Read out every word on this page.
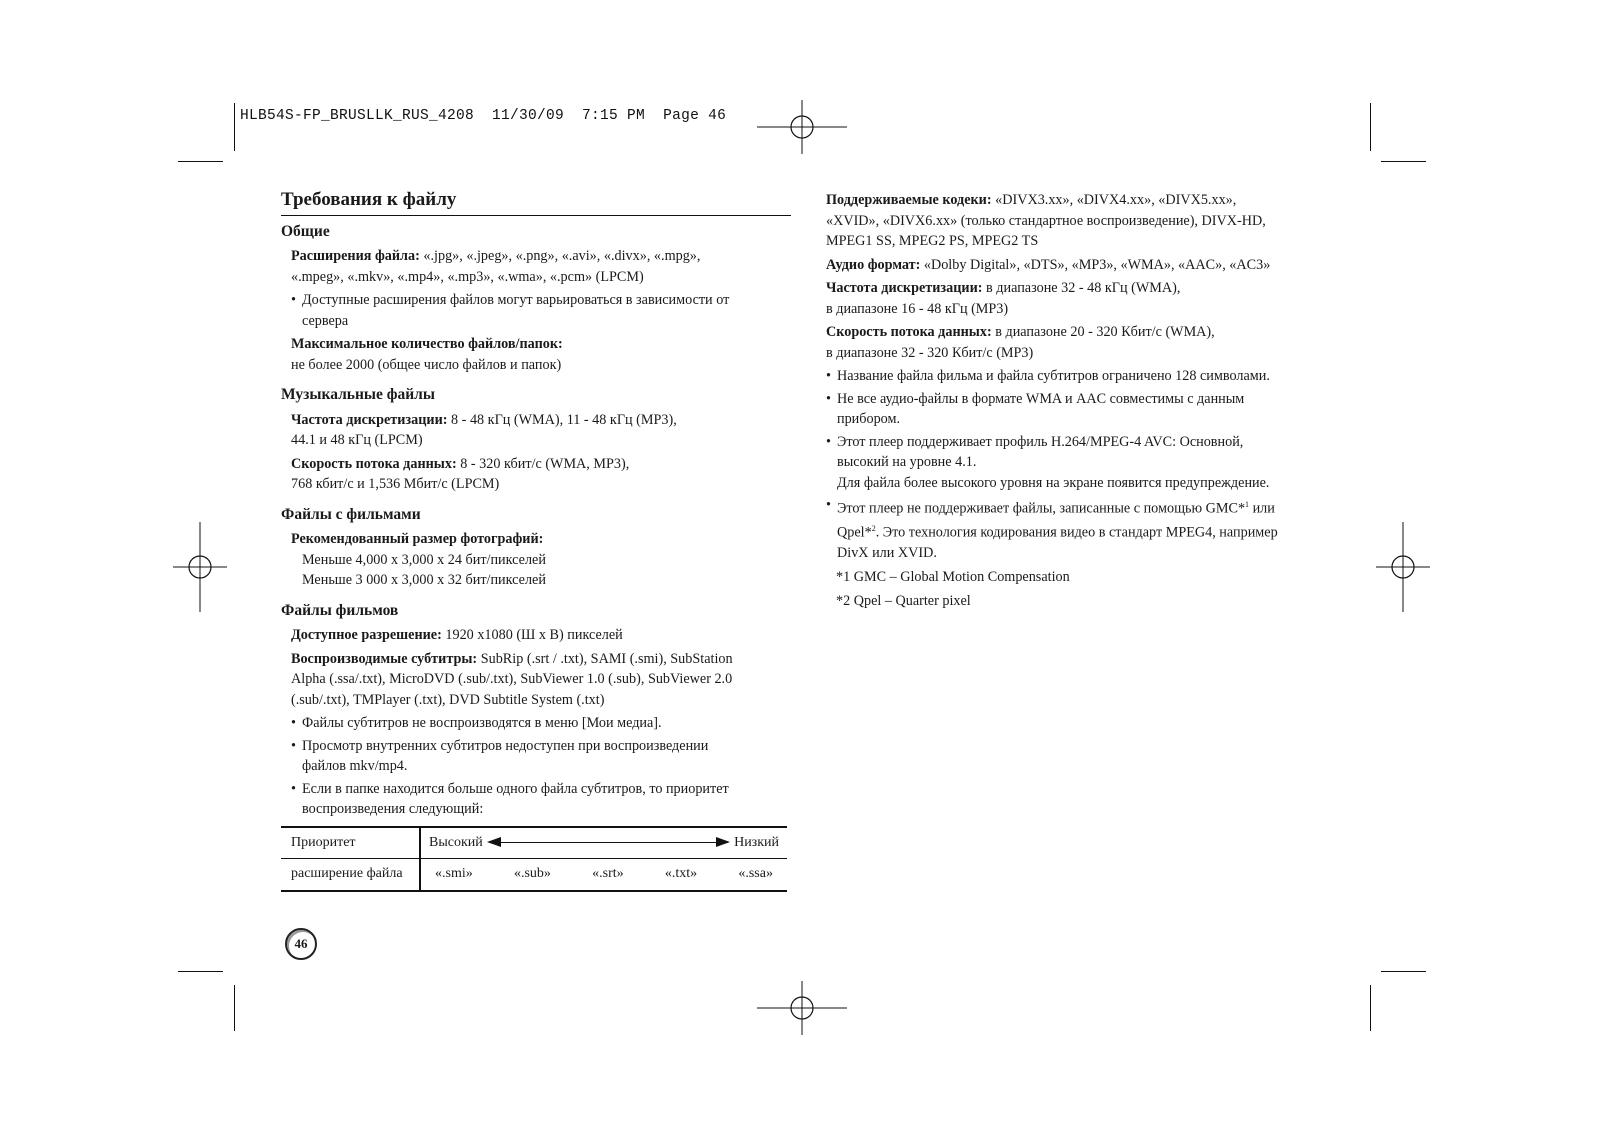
HLB54S-FP_BRUSLLK_RUS_4208  11/30/09  7:15 PM  Page 46
Требования к файлу
Общие
Расширения файла: «.jpg», «.jpeg», «.png», «.avi», «.divx», «.mpg»,
«.mpeg», «.mkv», «.mp4», «.mp3», «.wma», «.pcm» (LPCM)
• Доступные расширения файлов могут варьироваться в зависимости от
сервера
Максимальное количество файлов/папок:
не более 2000 (общее число файлов и папок)
Музыкальные файлы
Частота дискретизации: 8 - 48 кГц (WMA), 11 - 48 кГц (MP3),
44.1 и 48 кГц (LPCM)
Скорость потока данных: 8 - 320 кбит/с (WMA, MP3),
768 кбит/с и 1,536 Мбит/с (LPCM)
Файлы с фильмами
Рекомендованный размер фотографий:
Меньше 4,000 x 3,000 x 24 бит/пикселей
Меньше 3 000 x 3,000 x 32 бит/пикселей
Файлы фильмов
Доступное разрешение: 1920 x1080 (Ш x В) пикселей
Воспроизводимые субтитры: SubRip (.srt / .txt), SAMI (.smi), SubStation
Alpha (.ssa/.txt), MicroDVD (.sub/.txt), SubViewer 1.0 (.sub), SubViewer 2.0
(.sub/.txt), TMPlayer (.txt), DVD Subtitle System (.txt)
• Файлы субтитров не воспроизводятся в меню [Мои медиа].
• Просмотр внутренних субтитров недоступен при воспроизведении
файлов mkv/mp4.
• Если в папке находится больше одного файла субтитров, то приоритет
воспроизведения следующий:
Приоритет	Высокий Низкий

расширение файла	«.smi» «.sub» «.srt» «.txt» «.ssa»
Поддерживаемые кодеки: «DIVX3.xx», «DIVX4.xx», «DIVX5.xx»,
«XVID», «DIVX6.xx» (только стандартное воспроизведение), DIVX-HD,
MPEG1 SS, MPEG2 PS, MPEG2 TS
Аудио формат: «Dolby Digital», «DTS», «MP3», «WMA», «AAC», «AC3»
Частота дискретизации: в диапазоне 32 - 48 кГц (WMA),
в диапазоне 16 - 48 кГц (MP3)
Скорость потока данных: в диапазоне 20 - 320 Кбит/с (WMA),
в диапазоне 32 - 320 Кбит/с (MP3)
• Название файла фильма и файла субтитров ограничено 128 символами.
• Не все аудио-файлы в формате WMA и AAC совместимы с данным
прибором.
• Этот плеер поддерживает профиль H.264/MPEG-4 AVC: Основной,
высокий на уровне 4.1.
Для файла более высокого уровня на экране появится предупреждение.
• Этот плеер не поддерживает файлы, записанные с помощью GMC*$^1$ или
Qpel*$^2$. Это технология кодирования видео в стандарт MPEG4, например
DivX или XVID.
*1 GMC – Global Motion Compensation
*2 Qpel – Quarter pixel
46
